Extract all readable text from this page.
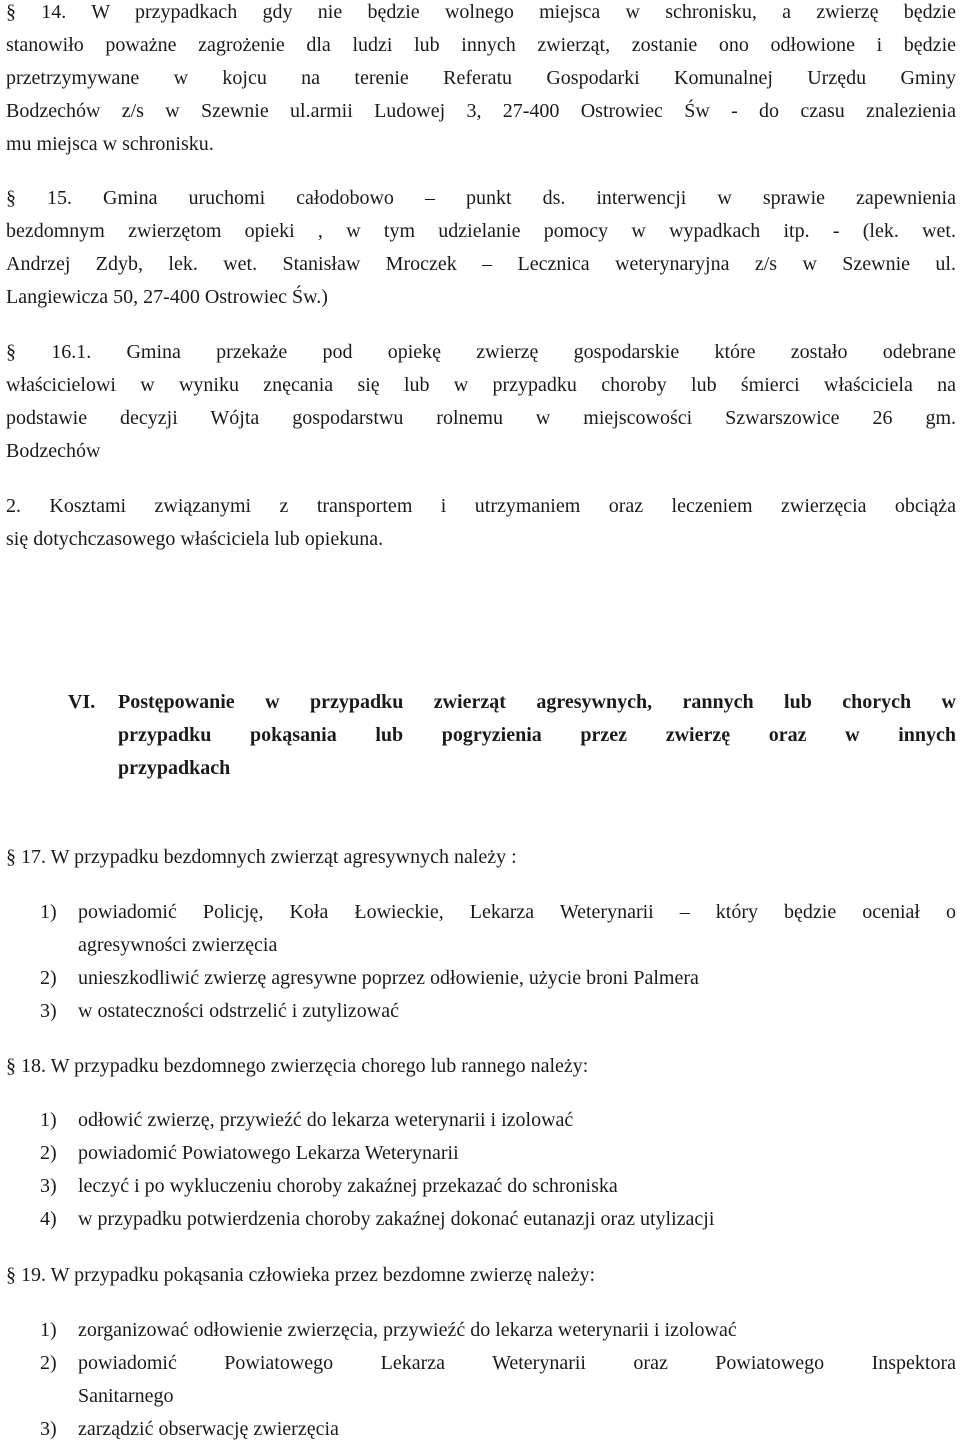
§ 14. W przypadkach gdy nie będzie wolnego miejsca w schronisku, a zwierzę będzie
stanowiło poważne zagrożenie dla ludzi lub innych zwierząt, zostanie ono odłowione i będzie
przetrzymywane w kojcu na terenie Referatu Gospodarki Komunalnej Urzędu Gminy
Bodzechów z/s w Szewnie ul.armii Ludowej 3, 27-400 Ostrowiec Św - do czasu znalezienia
mu miejsca w schronisku.

§ 15. Gmina uruchomi całodobowo – punkt ds. interwencji w sprawie zapewnienia
bezdomnym zwierzętom opieki , w tym udzielanie pomocy w wypadkach itp. - (lek. wet.
Andrzej Zdyb, lek. wet. Stanisław Mroczek – Lecznica weterynaryjna z/s w Szewnie ul.
Langiewicza 50, 27-400 Ostrowiec Św.)

§ 16.1. Gmina przekaże pod opiekę zwierzę gospodarskie które zostało odebrane
właścicielowi w wyniku znęcania się lub w przypadku choroby lub śmierci właściciela na
podstawie decyzji Wójta gospodarstwu rolnemu w miejscowości Szwarszowice 26 gm.
Bodzechów

2. Kosztami związanymi z transportem i utrzymaniem oraz leczeniem zwierzęcia obciąża
się dotychczasowego właściciela lub opiekuna.

VI.	Postępowanie w przypadku zwierząt agresywnych, rannych lub chorych w
przypadku pokąsania lub pogryzienia przez zwierzę oraz w innych
przypadkach

§ 17. W przypadku bezdomnych zwierząt agresywnych należy :

1) powiadomić Policję, Koła Łowieckie, Lekarza Weterynarii – który będzie oceniał o
agresywności zwierzęcia
2) unieszkodliwić zwierzę agresywne poprzez odłowienie, użycie broni Palmera
3) w ostateczności odstrzelić i zutylizować

§ 18. W przypadku bezdomnego zwierzęcia chorego lub rannego należy:

1) odłowić zwierzę, przywieźć do lekarza weterynarii i izolować
2) powiadomić Powiatowego Lekarza Weterynarii
3) leczyć i po wykluczeniu choroby zakaźnej przekazać do schroniska
4) w przypadku potwierdzenia choroby zakaźnej dokonać eutanazji oraz utylizacji

§ 19. W przypadku pokąsania człowieka przez bezdomne zwierzę należy:

1) zorganizować odłowienie zwierzęcia, przywieźć do lekarza weterynarii i izolować
2) powiadomić Powiatowego Lekarza Weterynarii oraz Powiatowego Inspektora
Sanitarnego
3) zarządzić obserwację zwierzęcia
